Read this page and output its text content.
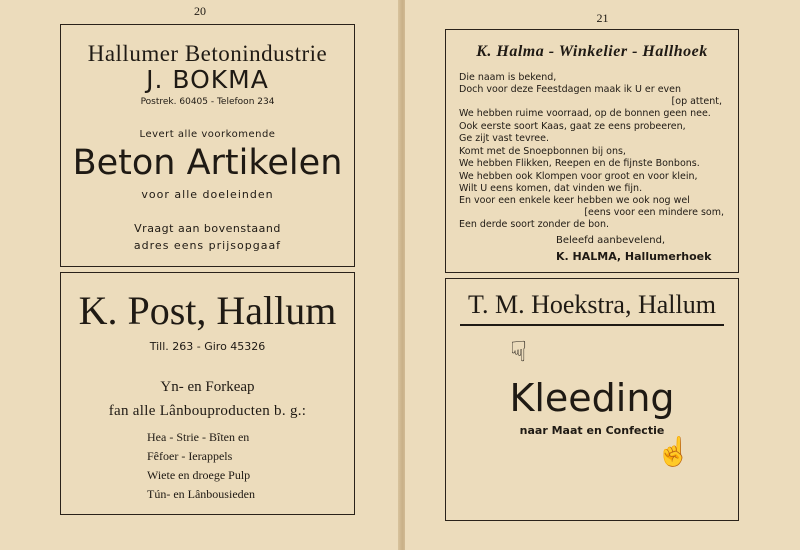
20
Hallumer Betonindustrie
J. BOKMA
Postrek. 60405 - Telefoon 234
Levert alle voorkomende
Beton Artikelen
voor alle doeleinden
Vraagt aan bovenstaand
adres eens prijsopgaaf
K. Post, Hallum
Till. 263 - Giro 45326
Yn- en Forkeap
fan alle Lânbouproducten b. g.:
Hea - Strie - Bîten en
Fêfoer - Ierappels
Wiete en droege Pulp
Tún- en Lânbousieden
21
K. Halma - Winkelier - Hallhoek
Die naam is bekend,
Doch voor deze Feestdagen maak ik U er even
[op attent,
We hebben ruime voorraad, op de bonnen geen nee.
Ook eerste soort Kaas, gaat ze eens probeeren,
Ge zijt vast tevree.
Komt met de Snoepbonnen bij ons,
We hebben Flikken, Reepen en de fijnste Bonbons.
We hebben ook Klompen voor groot en voor klein,
Wilt U eens komen, dat vinden we fijn.
En voor een enkele keer hebben we ook nog wel
[eens voor een mindere som,
Een derde soort zonder de bon.
Beleefd aanbevelend,
K. HALMA, Hallumerhoek
T. M. Hoekstra, Hallum
☟
Kleeding
naar Maat en Confectie
☝
